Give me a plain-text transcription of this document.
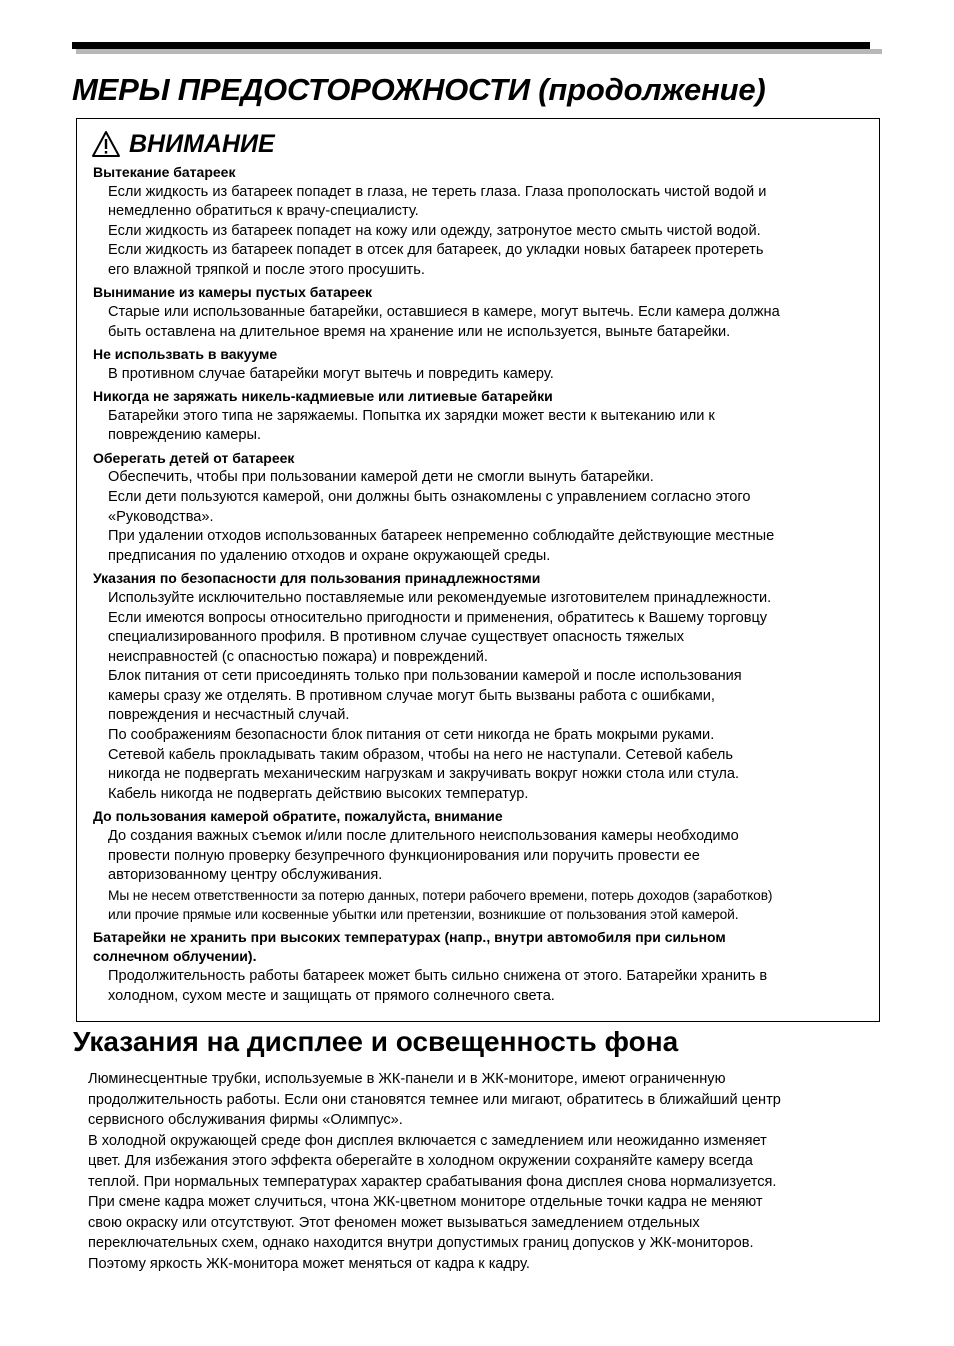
МЕРЫ ПРЕДОСТОРОЖНОСТИ (продолжение)
ВНИМАНИЕ

Вытекание батареек

Если жидкость из батареек попадет в глаза, не тереть глаза. Глаза прополоскать чистой водой и

немедленно обратиться к врачу-специалисту.

Если жидкость из батареек попадет на кожу или одежду, затронутое место смыть чистой водой.

Если жидкость из батареек попадет в отсек для батареек, до укладки новых батареек протереть

его влажной тряпкой и после этого просушить.

Вынимание из камеры пустых батареек

Старые или использованные батарейки, оставшиеся в камере, могут вытечь. Если камера должна

быть оставлена на длительное время на хранение или не используется, выньте батарейки.

Не использвать в вакууме

В противном случае батарейки могут вытечь и повредить камеру.

Никогда не заряжать никель-кадмиевые или литиевые батарейки

Батарейки этого типа не заряжаемы. Попытка их зарядки может вести к вытеканию или к

повреждению камеры.

Оберегать детей от батареек

Обеспечить, чтобы при пользовании камерой дети не смогли вынуть батарейки.

Если дети пользуются камерой, они должны быть ознакомлены с управлением согласно этого

«Руководства».

При удалении отходов использованных батареек непременно соблюдайте действующие местные

предписания по удалению отходов и охране окружающей среды.

Указания по безопасности для пользования принадлежностями

Используйте исключительно поставляемые или рекомендуемые изготовителем принадлежности.

Если имеются вопросы относительно пригодности и применения, обратитесь к Вашему торговцу

специализированного профиля. В противном случае существует опасность тяжелых

неисправностей (с опасностью пожара) и повреждений.

Блок питания от сети присоединять только при пользовании камерой и после использования

камеры сразу же отделять. В противном случае могут быть вызваны работа с ошибками,

повреждения и несчастный случай.

По соображениям безопасности блок питания от сети никогда не брать мокрыми руками.

Сетевой кабель прокладывать таким образом, чтобы на него не наступали. Сетевой кабель

никогда не подвергать механическим нагрузкам и закручивать вокруг ножки стола или стула.

Кабель никогда не подвергать действию высоких температур.

До пользования камерой обратите, пожалуйста, внимание

До создания важных съемок и/или после длительного неиспользования камеры необходимо

провести полную проверку безупречного функционирования или поручить провести ее

авторизованному центру обслуживания.

Мы не несем ответственности за потерю данных, потери рабочего времени, потерь доходов (заработков)

или прочие прямые или косвенные убытки или претензии, возникшие от пользования этой камерой.

Батарейки не хранить при высоких температурах (напр., внутри автомобиля при сильном

солнечном облучении).

Продолжительность работы батареек может быть сильно снижена от этого. Батарейки хранить в

холодном, сухом месте и защищать от прямого солнечного света.

Указания на дисплее и освещенность фона

Люминесцентные трубки, используемые в ЖК-панели и в ЖК-мониторе, имеют ограниченную

продолжительность работы. Если они становятся темнее или мигают, обратитесь в ближайший центр

сервисного обслуживания фирмы «Олимпус».

В холодной окружающей среде фон дисплея включается с замедлением или неожиданно изменяет

цвет. Для избежания этого эффекта оберегайте в холодном окружении сохраняйте камеру всегда

теплой. При нормальных температурах характер срабатывания фона дисплея снова нормализуется.

При смене кадра может случиться, чтона ЖК-цветном мониторе отдельные точки кадра не меняют

свою окраску или отсутствуют. Этот феномен может вызываться замедлением отдельных

переключательных схем, однако находится внутри допустимых границ допусков у ЖК-мониторов.

Поэтому яркость ЖК-монитора может меняться от кадра к кадру.
